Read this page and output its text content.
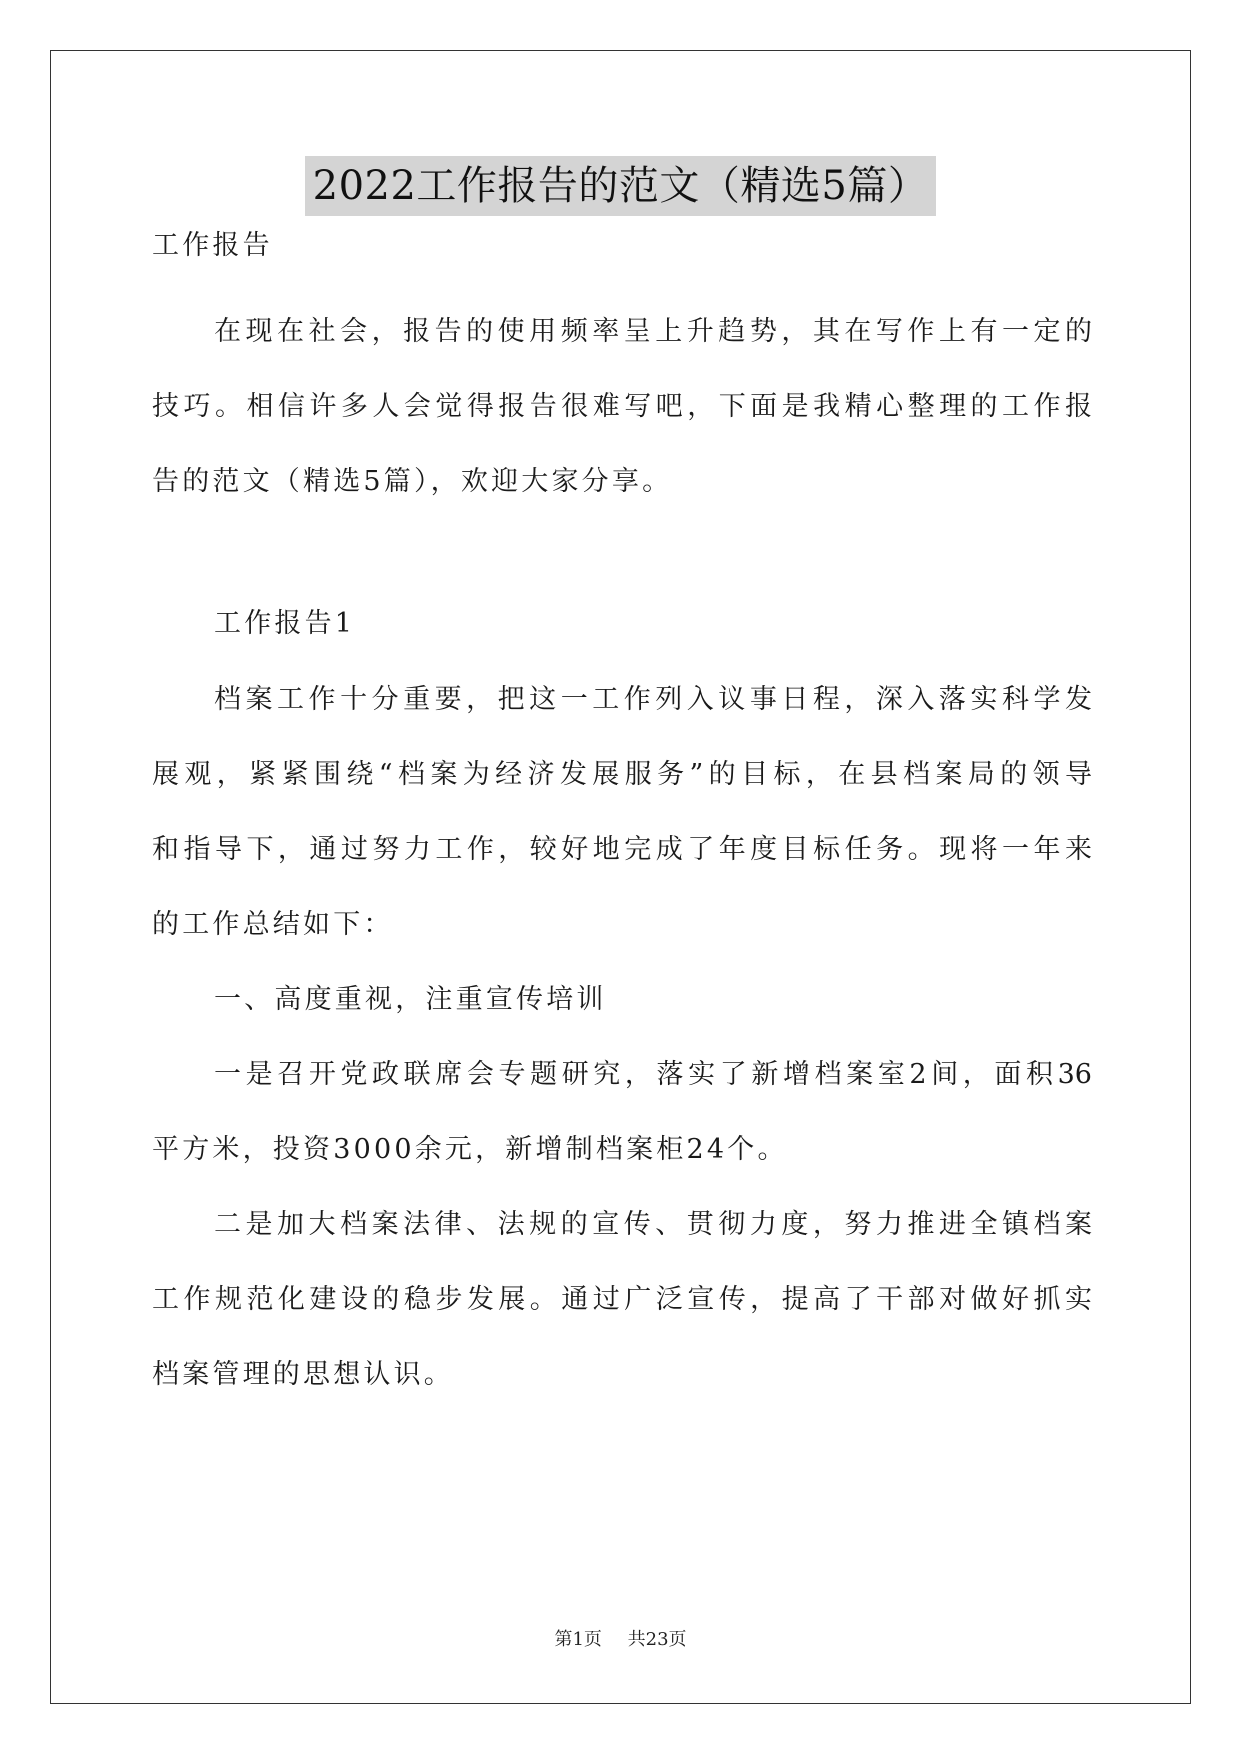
2022工作报告的范文（精选5篇）
工作报告
在现在社会，报告的使用频率呈上升趋势，其在写作上有一定的
技巧。相信许多人会觉得报告很难写吧，下面是我精心整理的工作报
告的范文（精选5篇），欢迎大家分享。
工作报告1
档案工作十分重要，把这一工作列入议事日程，深入落实科学发
展观，紧紧围绕“档案为经济发展服务”的目标，在县档案局的领导
和指导下，通过努力工作，较好地完成了年度目标任务。现将一年来
的工作总结如下：
一、高度重视，注重宣传培训
一是召开党政联席会专题研究，落实了新增档案室2间，面积36
平方米，投资3000余元，新增制档案柜24个。
二是加大档案法律、法规的宣传、贯彻力度，努力推进全镇档案
工作规范化建设的稳步发展。通过广泛宣传，提高了干部对做好抓实
档案管理的思想认识。
第1页 共23页
